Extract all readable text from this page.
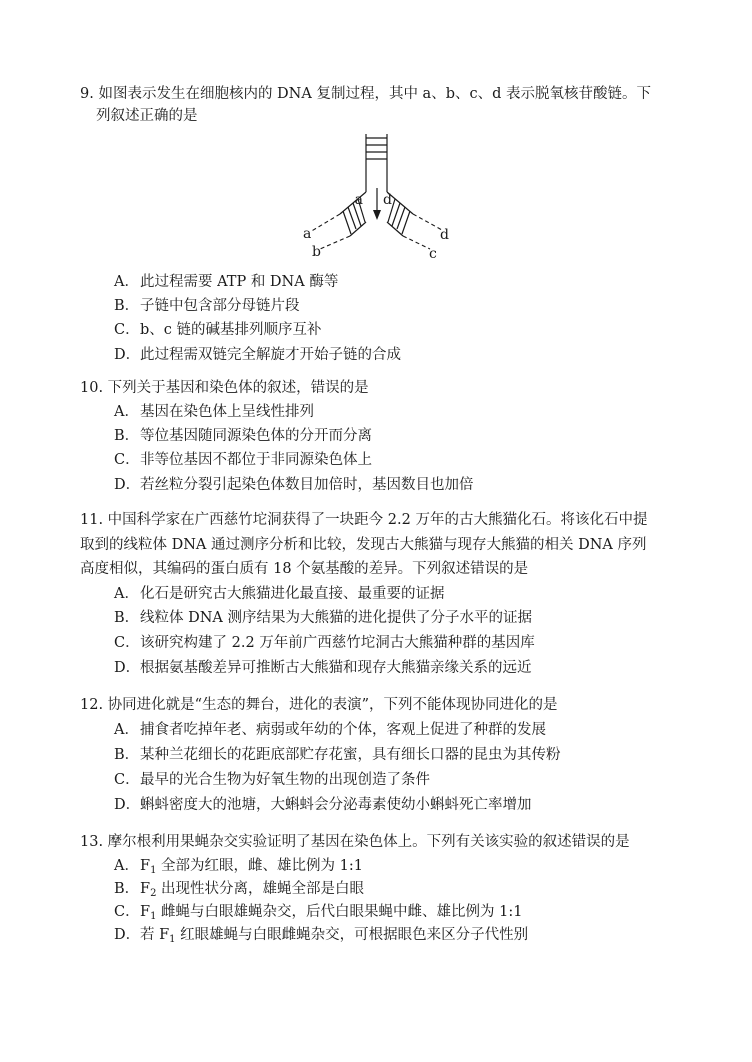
9. 如图表示发生在细胞核内的 DNA 复制过程，其中 a、b、c、d 表示脱氧核苷酸链。下
列叙述正确的是
a d
a
b
d
c
A．此过程需要 ATP 和 DNA 酶等
B．子链中包含部分母链片段
C．b、c 链的碱基排列顺序互补
D．此过程需双链完全解旋才开始子链的合成
10. 下列关于基因和染色体的叙述，错误的是
A．基因在染色体上呈线性排列
B．等位基因随同源染色体的分开而分离
C．非等位基因不都位于非同源染色体上
D．若丝粒分裂引起染色体数目加倍时，基因数目也加倍
11. 中国科学家在广西慈竹坨洞获得了一块距今 2.2 万年的古大熊猫化石。将该化石中提
取到的线粒体 DNA 通过测序分析和比较，发现古大熊猫与现存大熊猫的相关 DNA 序列
高度相似，其编码的蛋白质有 18 个氨基酸的差异。下列叙述错误的是
A．化石是研究古大熊猫进化最直接、最重要的证据
B．线粒体 DNA 测序结果为大熊猫的进化提供了分子水平的证据
C．该研究构建了 2.2 万年前广西慈竹坨洞古大熊猫种群的基因库
D．根据氨基酸差异可推断古大熊猫和现存大熊猫亲缘关系的远近
12. 协同进化就是“生态的舞台，进化的表演”，下列不能体现协同进化的是
A．捕食者吃掉年老、病弱或年幼的个体，客观上促进了种群的发展
B．某种兰花细长的花距底部贮存花蜜，具有细长口器的昆虫为其传粉
C．最早的光合生物为好氧生物的出现创造了条件
D．蝌蚪密度大的池塘，大蝌蚪会分泌毒素使幼小蝌蚪死亡率增加
13. 摩尔根利用果蝇杂交实验证明了基因在染色体上。下列有关该实验的叙述错误的是
A．$F_1$ 全部为红眼，雌、雄比例为 1:1
B．$F_2$ 出现性状分离，雄蝇全部是白眼
C．$F_1$ 雌蝇与白眼雄蝇杂交，后代白眼果蝇中雌、雄比例为 1:1
D．若 $F_1$ 红眼雄蝇与白眼雌蝇杂交，可根据眼色来区分子代性别
